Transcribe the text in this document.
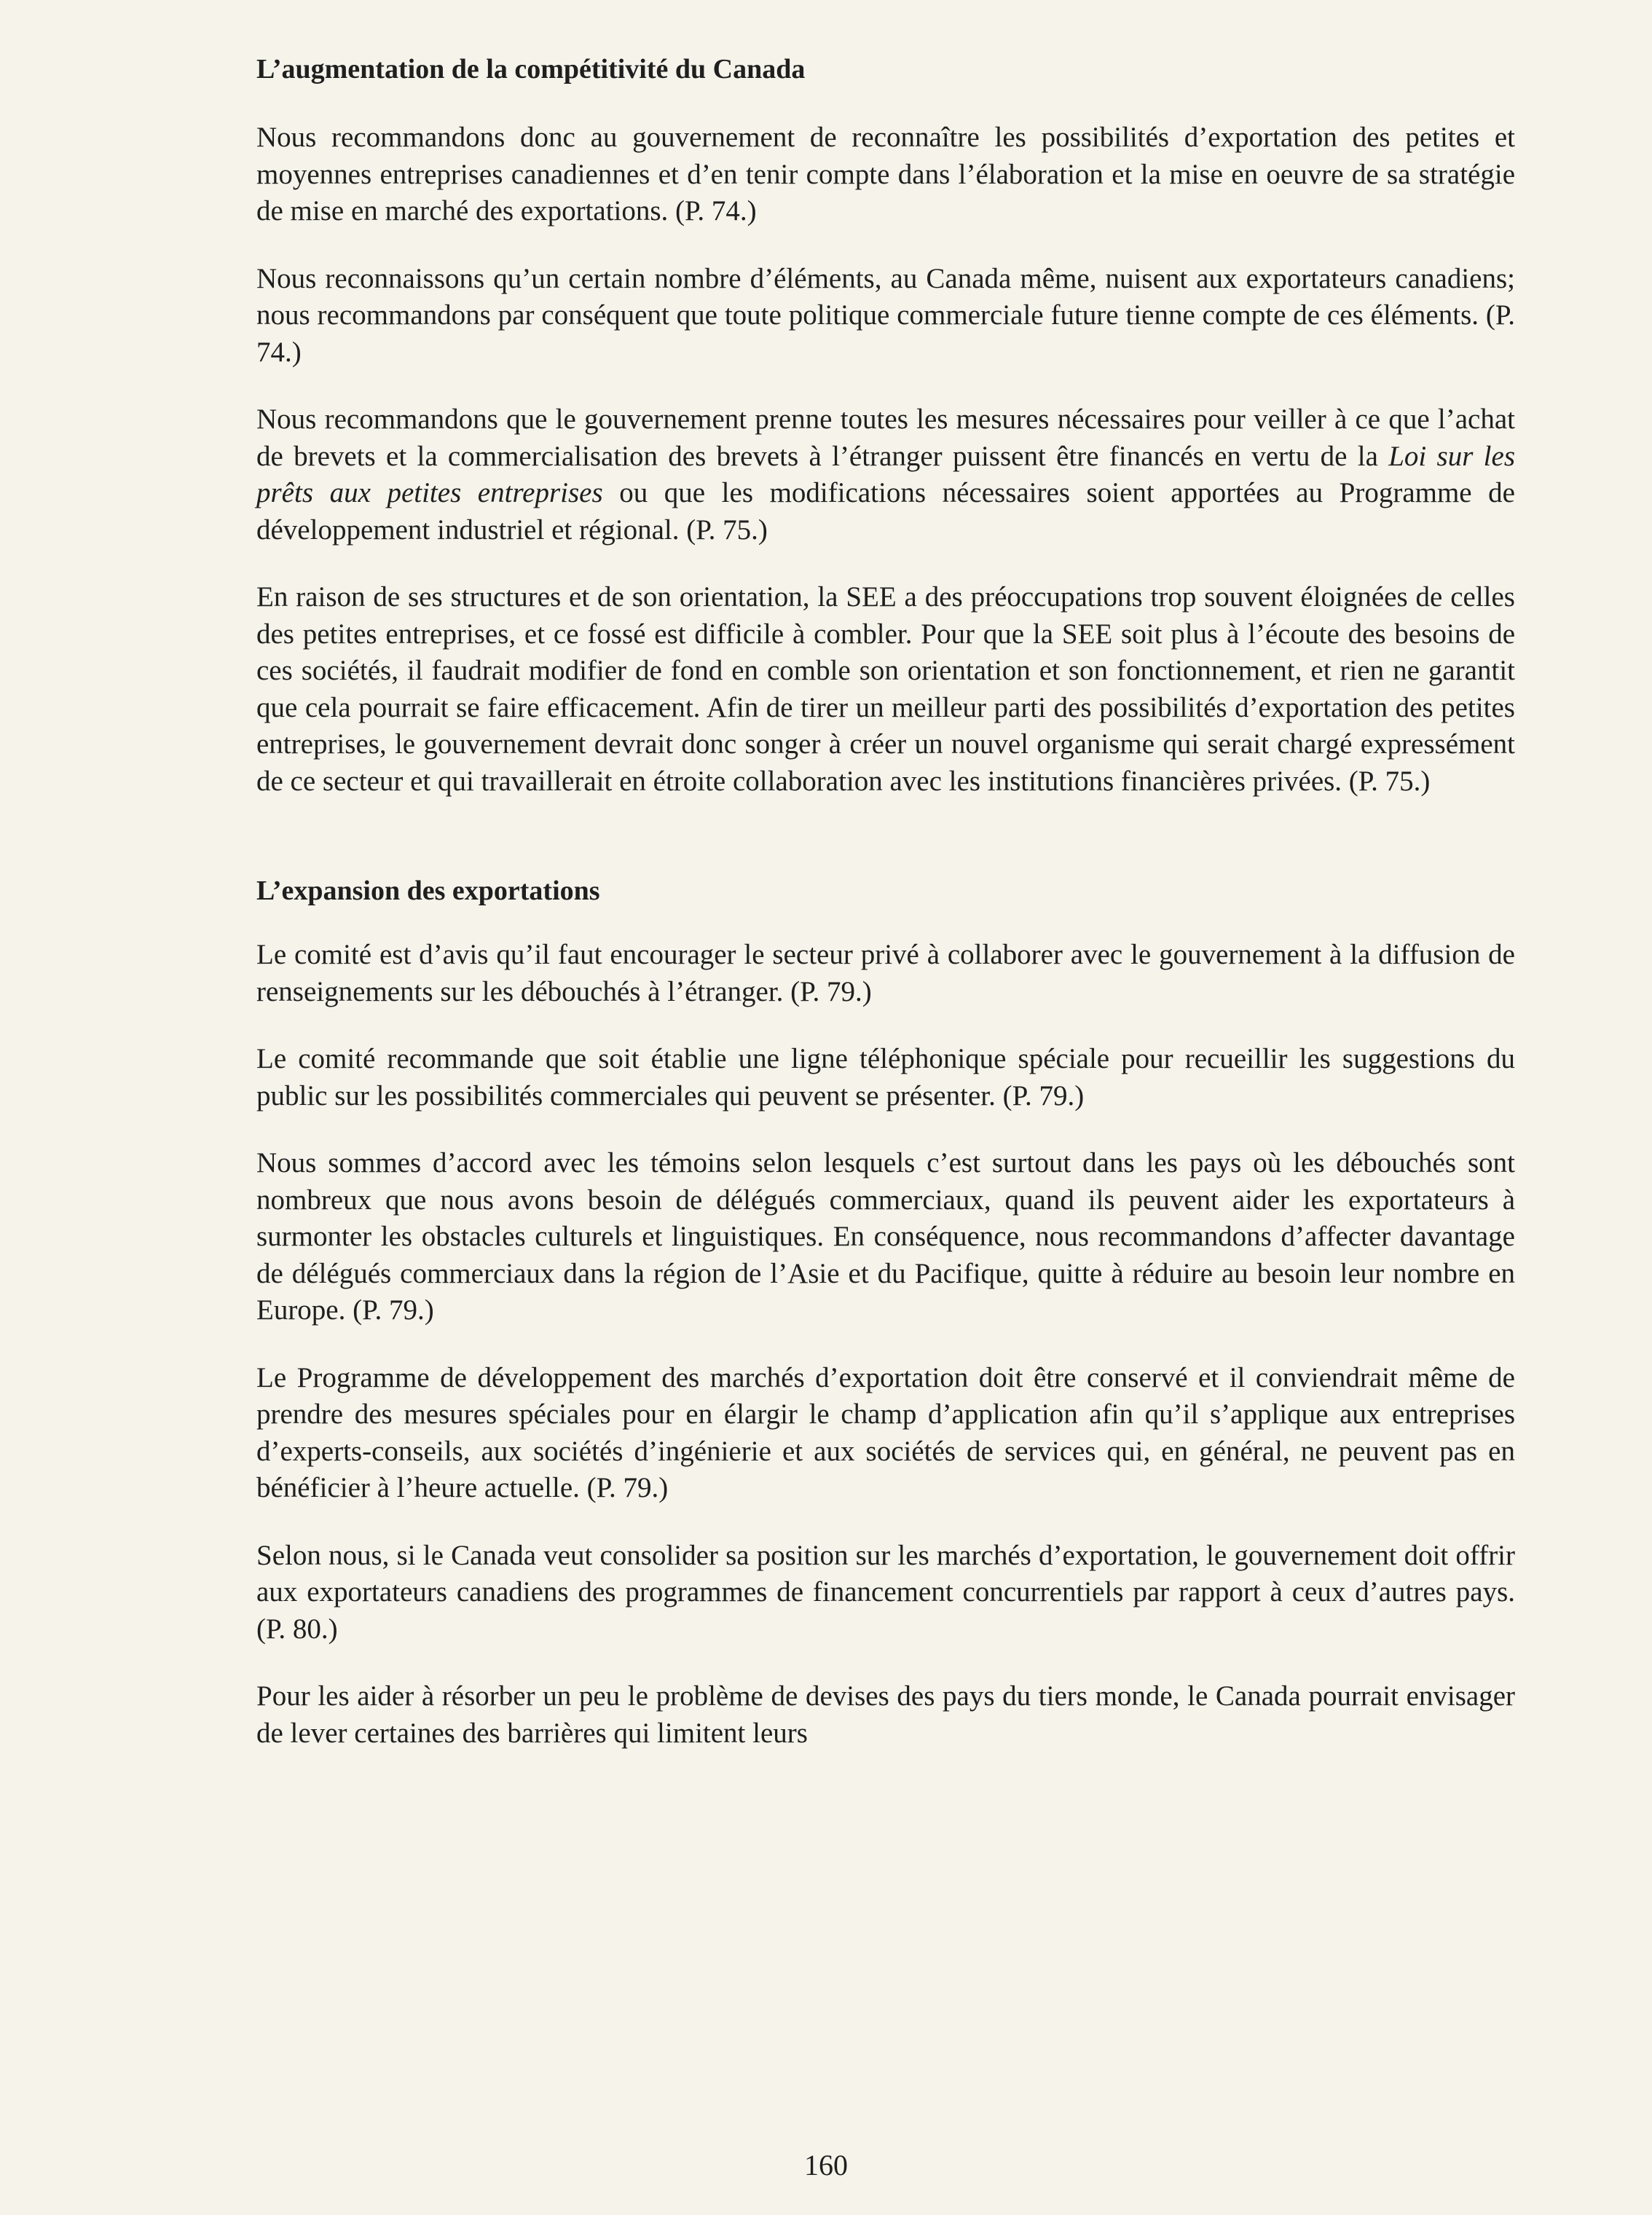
L’augmentation de la compétitivité du Canada

Nous recommandons donc au gouvernement de reconnaître les possibilités d’exportation des petites et moyennes entreprises canadiennes et d’en tenir compte dans l’élaboration et la mise en oeuvre de sa stratégie de mise en marché des exportations. (P. 74.)

Nous reconnaissons qu’un certain nombre d’éléments, au Canada même, nuisent aux exportateurs canadiens; nous recommandons par conséquent que toute politique commerciale future tienne compte de ces éléments. (P. 74.)

Nous recommandons que le gouvernement prenne toutes les mesures nécessaires pour veiller à ce que l’achat de brevets et la commercialisation des brevets à l’étranger puissent être financés en vertu de la Loi sur les prêts aux petites entreprises ou que les modifications nécessaires soient apportées au Programme de développement industriel et régional. (P. 75.)

En raison de ses structures et de son orientation, la SEE a des préoccupations trop souvent éloignées de celles des petites entreprises, et ce fossé est difficile à combler. Pour que la SEE soit plus à l’écoute des besoins de ces sociétés, il faudrait modifier de fond en comble son orientation et son fonctionnement, et rien ne garantit que cela pourrait se faire efficacement. Afin de tirer un meilleur parti des possibilités d’exportation des petites entreprises, le gouvernement devrait donc songer à créer un nouvel organisme qui serait chargé expressément de ce secteur et qui travaillerait en étroite collaboration avec les institutions financières privées. (P. 75.)

L’expansion des exportations

Le comité est d’avis qu’il faut encourager le secteur privé à collaborer avec le gouvernement à la diffusion de renseignements sur les débouchés à l’étranger. (P. 79.)

Le comité recommande que soit établie une ligne téléphonique spéciale pour recueillir les suggestions du public sur les possibilités commerciales qui peuvent se présenter. (P. 79.)

Nous sommes d’accord avec les témoins selon lesquels c’est surtout dans les pays où les débouchés sont nombreux que nous avons besoin de délégués commerciaux, quand ils peuvent aider les exportateurs à surmonter les obstacles culturels et linguistiques. En conséquence, nous recommandons d’affecter davantage de délégués commerciaux dans la région de l’Asie et du Pacifique, quitte à réduire au besoin leur nombre en Europe. (P. 79.)

Le Programme de développement des marchés d’exportation doit être conservé et il conviendrait même de prendre des mesures spéciales pour en élargir le champ d’application afin qu’il s’applique aux entreprises d’experts-conseils, aux sociétés d’ingénierie et aux sociétés de services qui, en général, ne peuvent pas en bénéficier à l’heure actuelle. (P. 79.)

Selon nous, si le Canada veut consolider sa position sur les marchés d’exportation, le gouvernement doit offrir aux exportateurs canadiens des programmes de financement concurrentiels par rapport à ceux d’autres pays. (P. 80.)

Pour les aider à résorber un peu le problème de devises des pays du tiers monde, le Canada pourrait envisager de lever certaines des barrières qui limitent leurs

160
